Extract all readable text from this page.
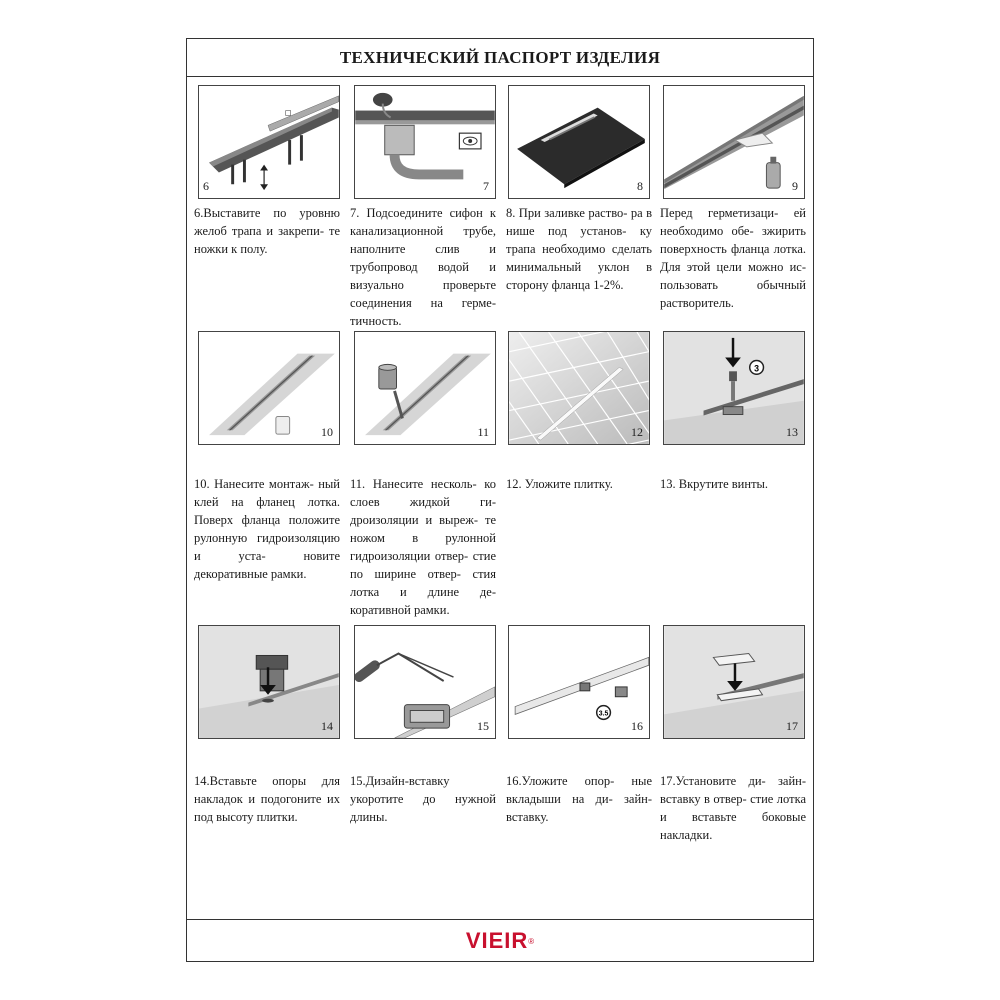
ТЕХНИЧЕСКИЙ ПАСПОРТ ИЗДЕЛИЯ
VIEIR ®
6	7	8	9
6.Выставите по уровню желоб трапа и закрепи- те ножки к полу.
7. Подсоедините сифон к канализационной трубе, наполните слив и трубопровод водой и визуально проверьте соединения на гермe- тичность.
8. При заливке раство- ра в нише под установ- ку трапа необходимо сделать минимальный уклон в сторону фланца 1-2%.
Перед герметизаци- ей необходимо обе- зжирить поверхность фланца лотка. Для этой цели можно ис- пользовать обычный растворитель.
10	11	12
3
13
10. Нанесите монтаж- ный клей на фланец лотка. Поверх фланца положите рулонную гидроизоляцию и уста- новите декоративные рамки.
11. Нанесите несколь- ко слоев жидкой ги- дроизоляции и выреж- те ножом в рулонной гидроизоляции отвер- стие по ширине отвер- стия лотка и длине де- коративной рамки.
12. Уложите плитку.	13. Вкрутите винты.
14	15
3.5
16	17
14.Вставьте опоры для накладок и подогоните их под высоту плитки.
15.Дизайн-вставку укоротите до нужной длины.
16.Уложите опор- ные вкладыши на ди- зайн-вставку.
17.Установите ди- зайн-вставку в отвер- стие лотка и вставьте боковые накладки.
